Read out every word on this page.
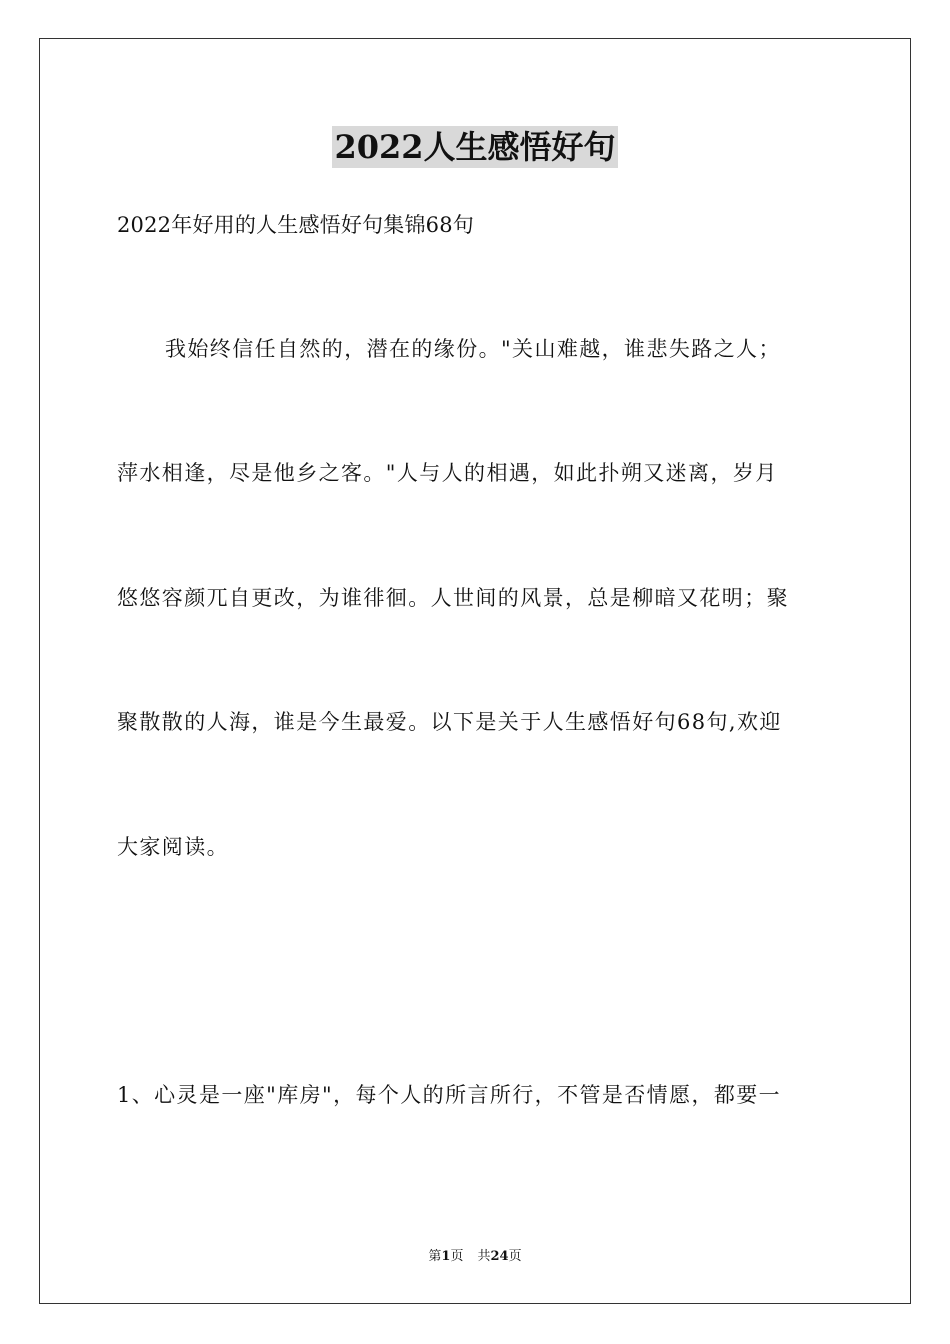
2022人生感悟好句
2022年好用的人生感悟好句集锦68句
我始终信任自然的，潜在的缘份。"关山难越，谁悲失路之人；
萍水相逢，尽是他乡之客。"人与人的相遇，如此扑朔又迷离，岁月
悠悠容颜兀自更改，为谁徘徊。人世间的风景，总是柳暗又花明；聚
聚散散的人海，谁是今生最爱。以下是关于人生感悟好句68句,欢迎
大家阅读。
1、心灵是一座"库房"，每个人的所言所行，不管是否情愿，都要一
第1页 共24页
